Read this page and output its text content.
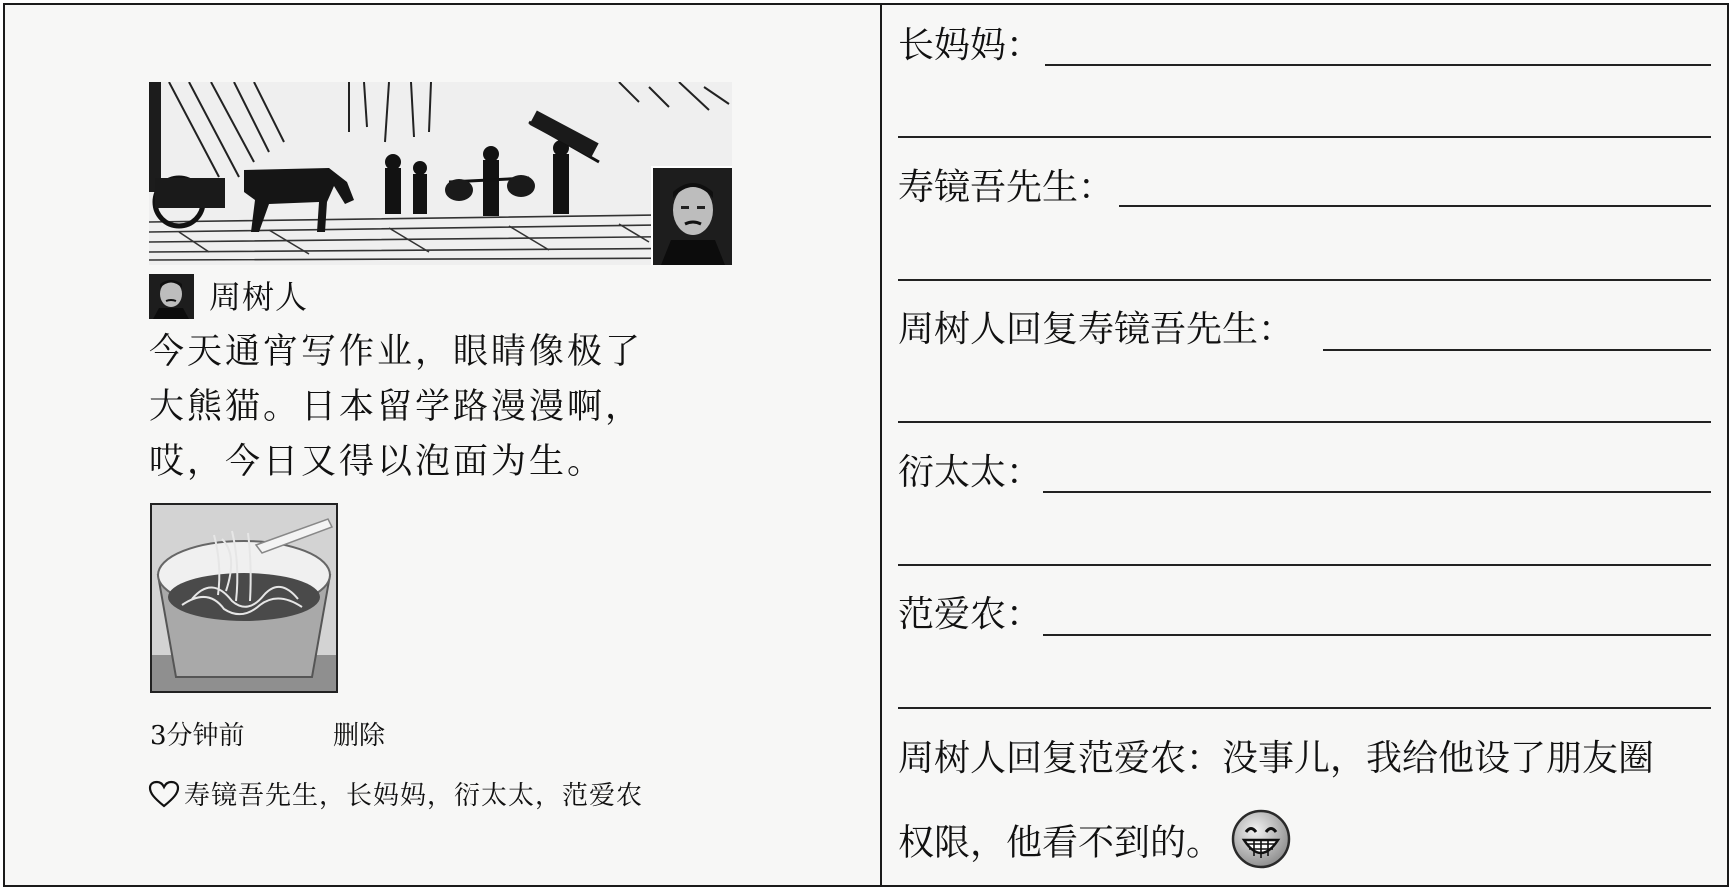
周树人
今天通宵写作业，眼睛像极了
大熊猫。日本留学路漫漫啊，
哎，今日又得以泡面为生。
3分钟前	删除
寿镜吾先生，长妈妈，衍太太，范爱农
长妈妈：
寿镜吾先生：
周树人回复寿镜吾先生：
衍太太：
范爱农：
周树人回复范爱农：没事儿，我给他设了朋友圈
权限，他看不到的。
